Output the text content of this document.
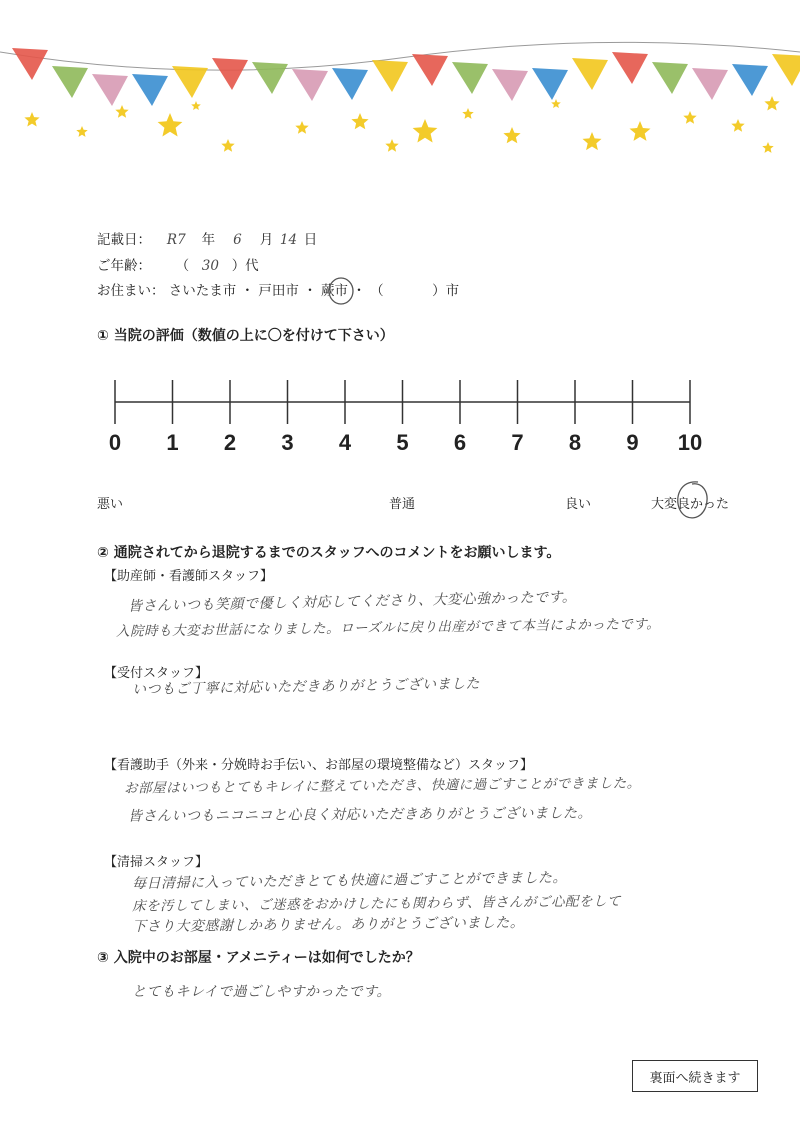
記載日： R7 年 6 月 14 日
ご年齢： （ 30 ）代
お住まい： さいたま市 ・ 戸田市 ・ 蕨市 ・ （	）市
① 当院の評価（数値の上に〇を付けて下さい）
0 1 2 3 4 5 6 7 8 9 10
悪い	普通	良い	大変良かった
② 通院されてから退院するまでのスタッフへのコメントをお願いします。
【助産師・看護師スタッフ】
皆さんいつも笑顔で優しく対応してくださり、大変心強かったです。
入院時も大変お世話になりました。ローズルに戻り出産ができて本当によかったです。
【受付スタッフ】
いつもご丁寧に対応いただきありがとうございました
【看護助手（外来・分娩時お手伝い、お部屋の環境整備など）スタッフ】
お部屋はいつもとてもキレイに整えていただき、快適に過ごすことができました。
皆さんいつもニコニコと心良く対応いただきありがとうございました。
【清掃スタッフ】
毎日清掃に入っていただきとても快適に過ごすことができました。
床を汚してしまい、ご迷惑をおかけしたにも関わらず、皆さんがご心配をして
下さり大変感謝しかありません。ありがとうございました。
③ 入院中のお部屋・アメニティーは如何でしたか？
とてもキレイで過ごしやすかったです。
裏面へ続きます
